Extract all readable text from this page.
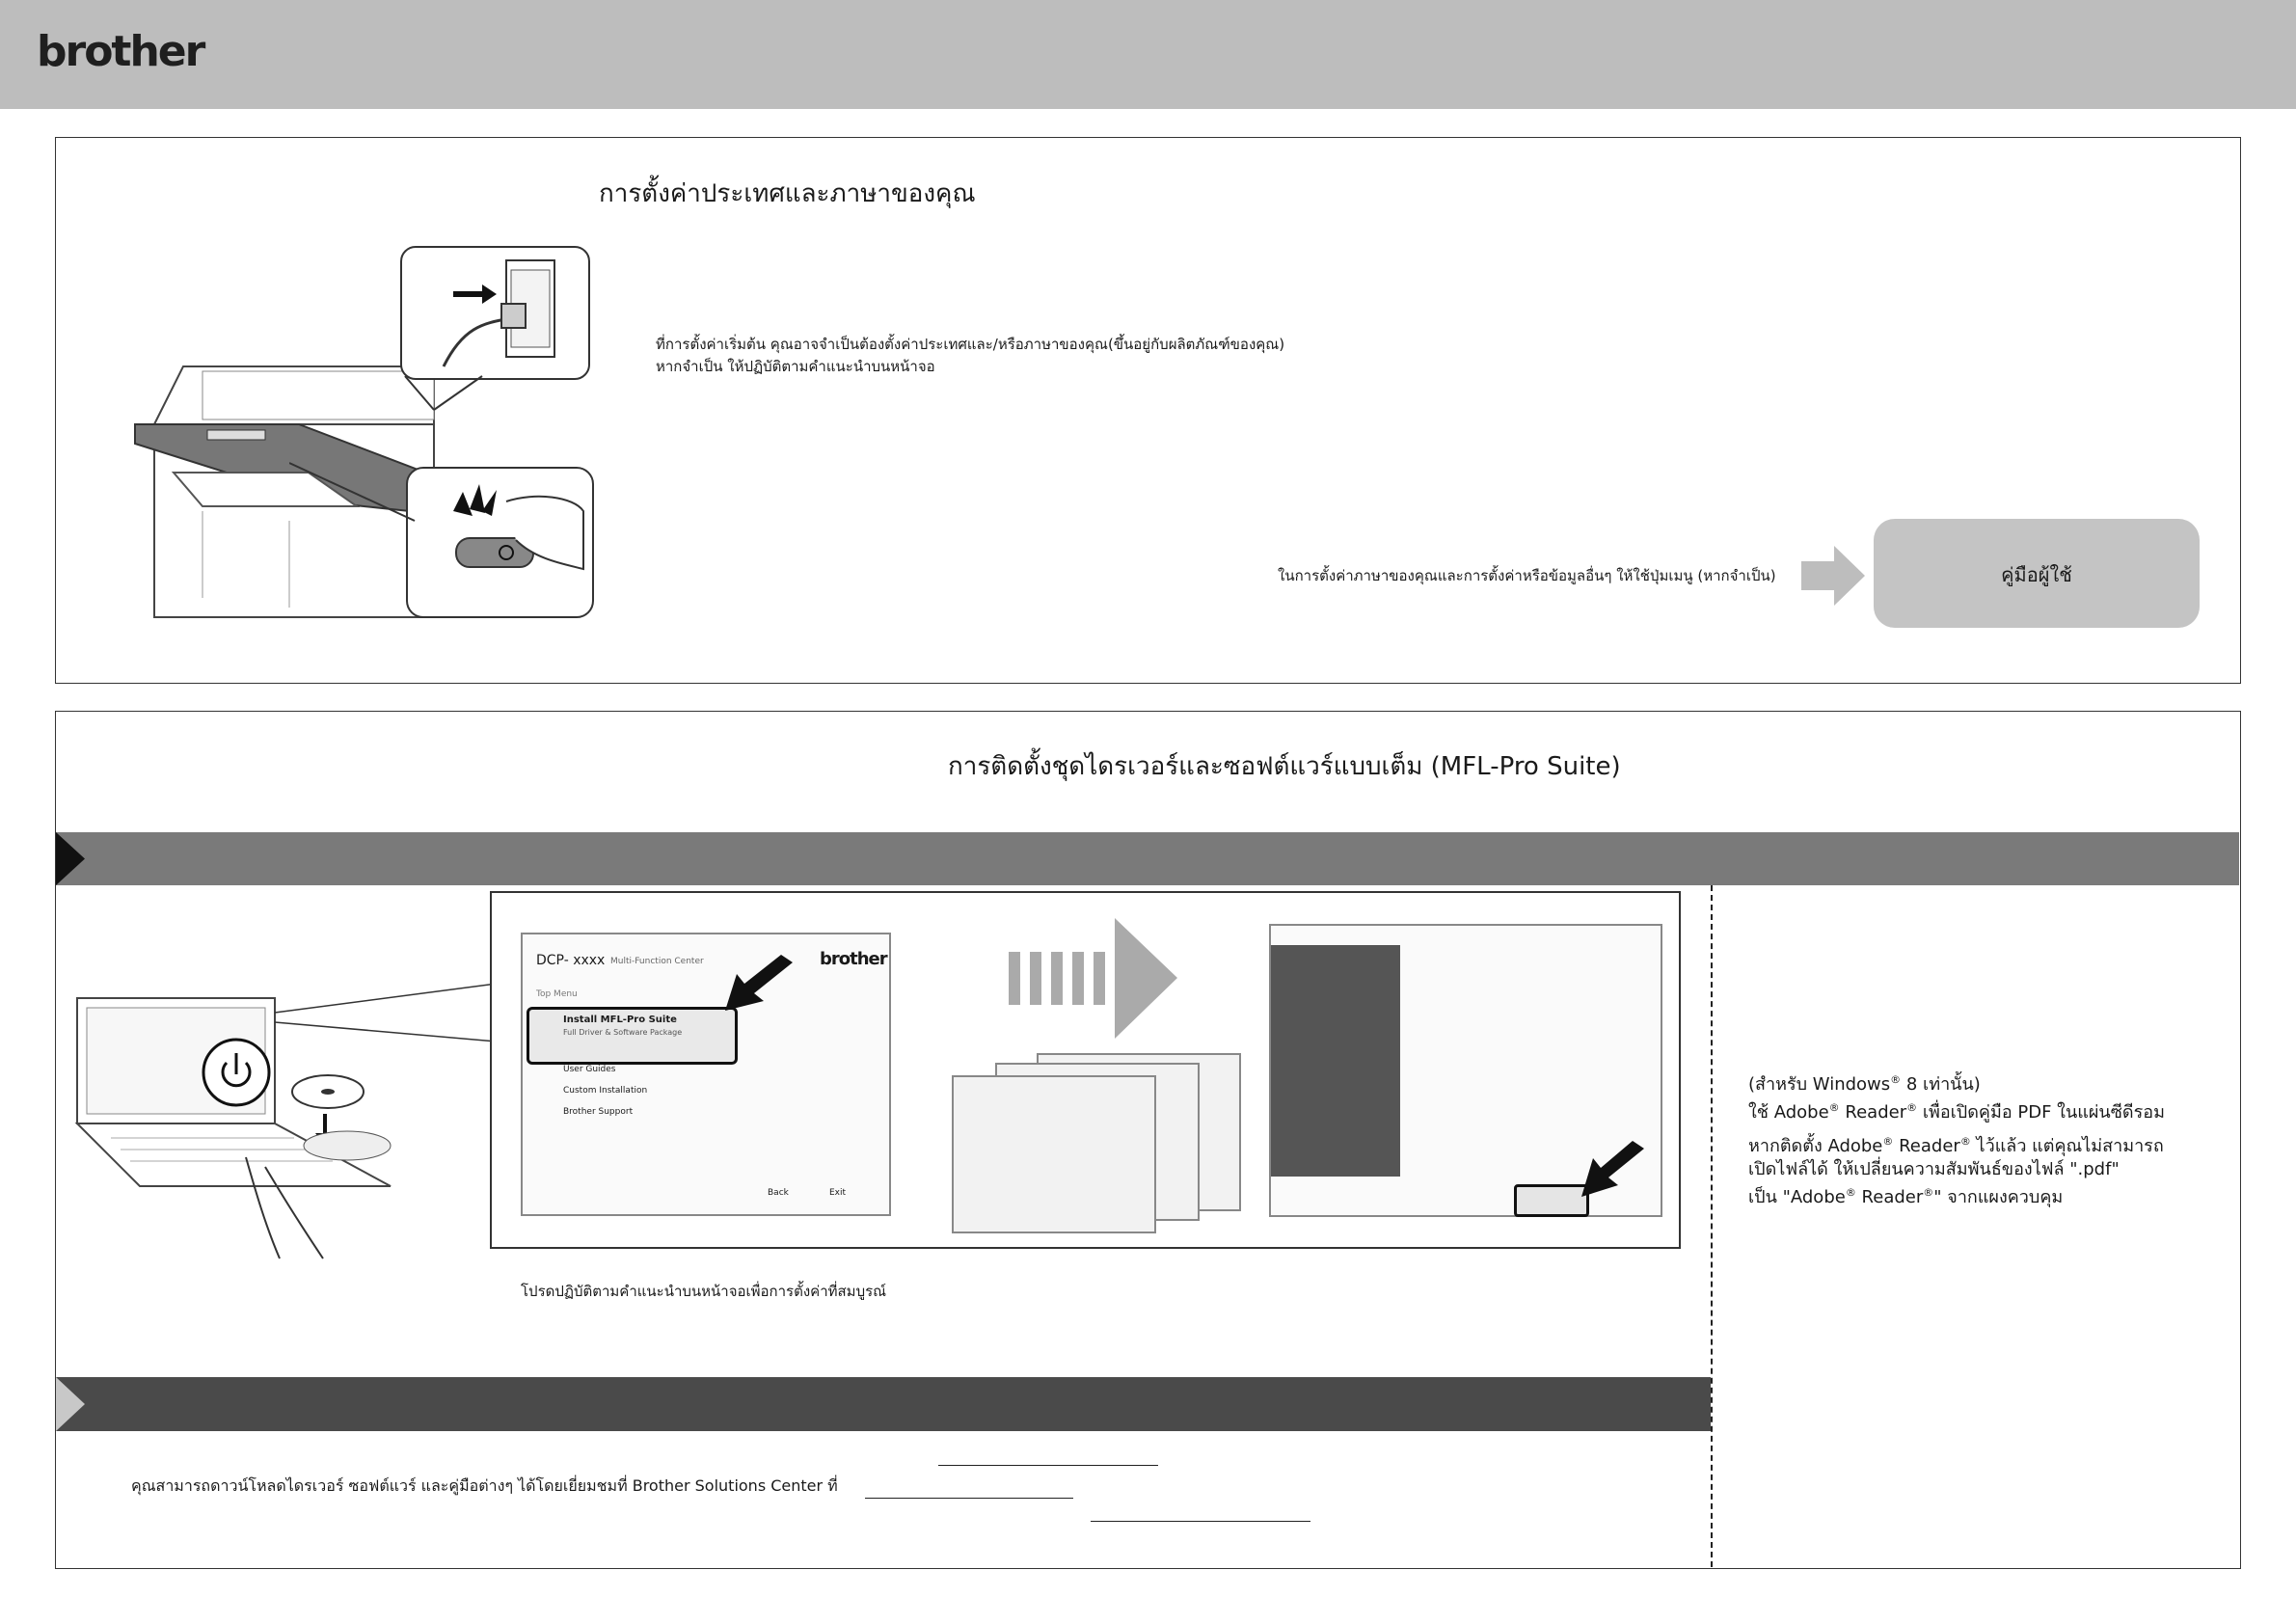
brother
การตั้งค่าประเทศและภาษาของคุณ
ที่การตั้งค่าเริ่มต้น คุณอาจจำเป็นต้องตั้งค่าประเทศและ/หรือภาษาของคุณ(ขึ้นอยู่กับผลิตภัณฑ์ของคุณ)
หากจำเป็น ให้ปฏิบัติตามคำแนะนำบนหน้าจอ
ในการตั้งค่าภาษาของคุณและการตั้งค่าหรือข้อมูลอื่นๆ ให้ใช้ปุ่มเมนู (หากจำเป็น)	คู่มือผู้ใช้
การติดตั้งชุดไดรเวอร์และซอฟต์แวร์แบบเต็ม (MFL-Pro Suite)
DCP- xxxx Multi-Function Center	brother
Top Menu
Install MFL-Pro Suite
Full Driver & Software Package
User Guides
Custom Installation
Brother Support
Back	Exit
โปรดปฏิบัติตามคำแนะนำบนหน้าจอเพื่อการตั้งค่าที่สมบูรณ์
(สำหรับ Windows® 8 เท่านั้น)
ใช้ Adobe® Reader® เพื่อเปิดคู่มือ PDF ในแผ่นซีดีรอม
หากติดตั้ง Adobe® Reader® ไว้แล้ว แต่คุณไม่สามารถ
เปิดไฟล์ได้ ให้เปลี่ยนความสัมพันธ์ของไฟล์ ".pdf"
เป็น "Adobe® Reader®" จากแผงควบคุม
คุณสามารถดาวน์โหลดไดรเวอร์ ซอฟต์แวร์ และคู่มือต่างๆ ได้โดยเยี่ยมชมที่ Brother Solutions Center ที่
